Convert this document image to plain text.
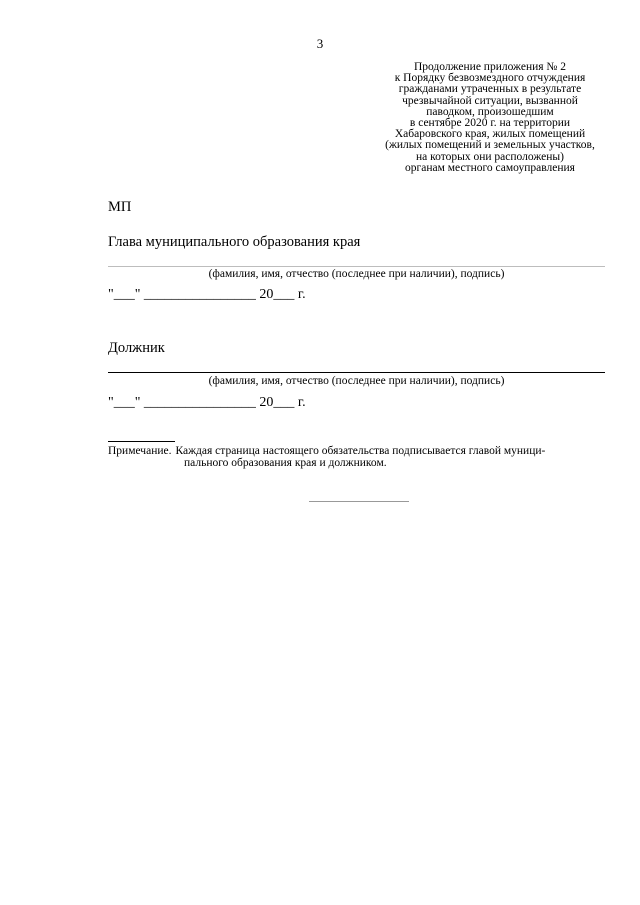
3
Продолжение приложения № 2
к Порядку безвозмездного отчуждения
гражданами утраченных в результате
чрезвычайной ситуации, вызванной
паводком, произошедшим
в сентябре 2020 г. на территории
Хабаровского края, жилых помещений
(жилых помещений и земельных участков,
на которых они расположены)
органам местного самоуправления
МП
Глава муниципального образования края
(фамилия, имя, отчество (последнее при наличии), подпись)
"___" ________________ 20___ г.
Должник
(фамилия, имя, отчество (последнее при наличии), подпись)
"___" ________________ 20___ г.
Примечание. Каждая страница настоящего обязательства подписывается главой муници-
пального образования края и должником.
